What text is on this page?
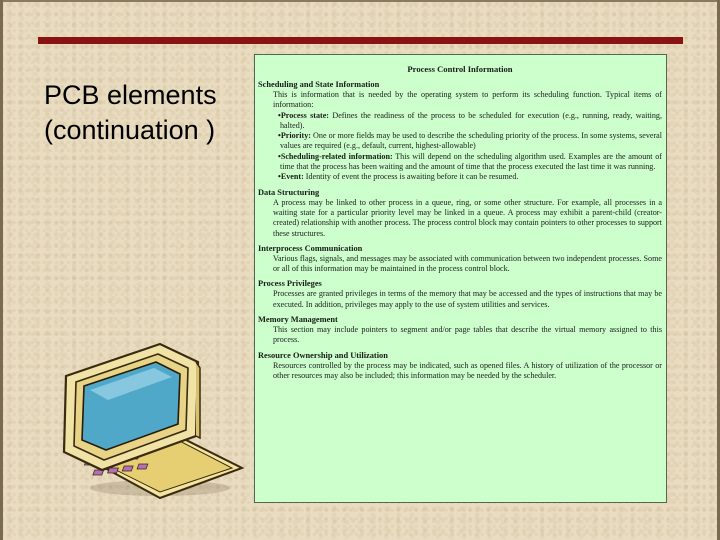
PCB elements (continuation )
Process Control Information
Scheduling and State Information
This is information that is needed by the operating system to perform its scheduling function. Typical items of information:
•Process state: Defines the readiness of the process to be scheduled for execution (e.g., running, ready, waiting, halted).
•Priority: One or more fields may be used to describe the scheduling priority of the process. In some systems, several values are required (e.g., default, current, highest-allowable)
•Scheduling-related information: This will depend on the scheduling algorithm used. Examples are the amount of time that the process has been waiting and the amount of time that the process executed the last time it was running.
•Event: Identity of event the process is awaiting before it can be resumed.
Data Structuring
A process may be linked to other process in a queue, ring, or some other structure. For example, all processes in a waiting state for a particular priority level may be linked in a queue. A process may exhibit a parent-child (creator-created) relationship with another process. The process control block may contain pointers to other processes to support these structures.
Interprocess Communication
Various flags, signals, and messages may be associated with communication between two independent processes. Some or all of this information may be maintained in the process control block.
Process Privileges
Processes are granted privileges in terms of the memory that may be accessed and the types of instructions that may be executed. In addition, privileges may apply to the use of system utilities and services.
Memory Management
This section may include pointers to segment and/or page tables that describe the virtual memory assigned to this process.
Resource Ownership and Utilization
Resources controlled by the process may be indicated, such as opened files. A history of utilization of the processor or other resources may also be included; this information may be needed by the scheduler.
